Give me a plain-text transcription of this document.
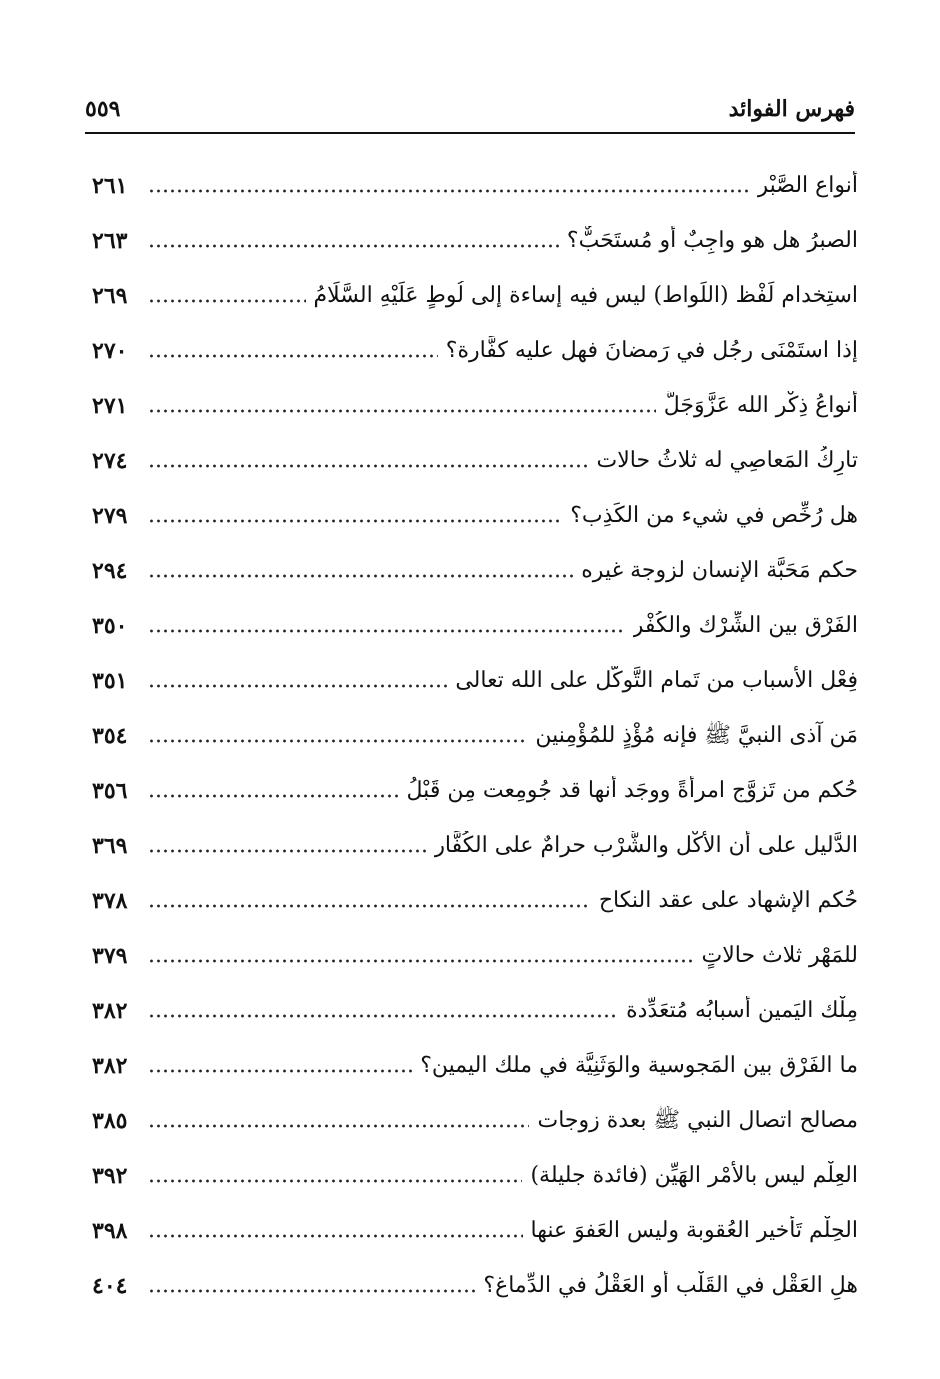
فهرس الفوائد
٥٥٩
أنواع الصَّبْر
٢٦١
الصبرُ هل هو واجِبٌ أو مُستَحَبٌّ؟
٢٦٣
استِخدام لَفْظ (اللِّواط) ليس فيه إساءة إلى لُوطٍ عَلَيْهِ السَّلَامُ
٢٦٩
إذا استَمْنَى رجُل في رَمضانَ فهل عليه كفَّارة؟
٢٧٠
أَنواعُ ذِكْر الله عَزَّوَجَلَّ
٢٧١
تارِكُ المَعاصِي له ثلاثُ حالات
٢٧٤
هل رُخِّص في شيء من الكَذِب؟
٢٧٩
حكم مَحَبَّة الإنسان لزوجة غيره
٢٩٤
الفَرْق بين الشِّرْك والكُفْر
٣٥٠
فِعْل الأسباب من تَمام التَّوكُّل على الله تعالى
٣٥١
مَن آذى النبيَّ ﷺ فإنه مُؤْذٍ للمُؤْمِنين
٣٥٤
حُكم من تَزوَّج امرأةً ووجَد أنها قد جُومِعت مِن قَبْلُ
٣٥٦
الدَّليل على أن الأَكْل والشُّرْب حرامٌ على الكُفَّار
٣٦٩
حُكم الإشهاد على عقد النكاح
٣٧٨
للمَهْر ثلاث حالاتٍ
٣٧٩
مِلْك اليَمين أسبابُه مُتعَدِّدة
٣٨٢
ما الفَرْق بين المَجوسية والوَثَنِيَّة في ملك اليمين؟
٣٨٢
مصالح اتصال النبي ﷺ بعدة زوجات
٣٨٥
العِلْم ليس بالأَمْر الهَيِّن (فائدة جليلة)
٣٩٢
الحِلْم تَأخير العُقوبة وليس العَفوَ عنها
٣٩٨
هلِ العَقْل في القَلْب أو العَقْلُ في الدِّماغ؟
٤٠٤
